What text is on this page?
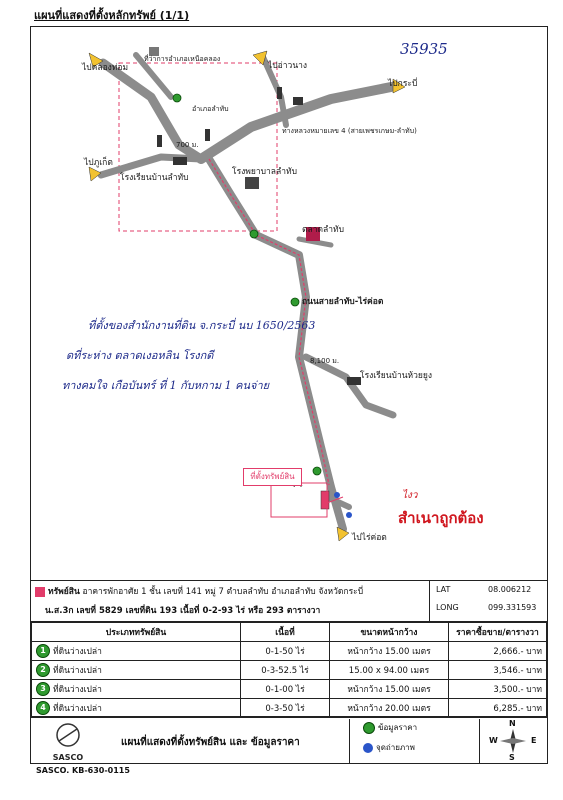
แผนที่แสดงที่ตั้งหลักทรัพย์ (1/1)
35935
ไปคลองท่อม
ที่ว่าการอำเภอเหนือคลอง
ไปอ่าวนาง
ไปกระบี่
ไปภูเก็ต
อำเภอลำทับ
ทางหลวงหมายเลข 4 (สายเพชรเกษม-ลำทับ)
โรงเรียนบ้านลำทับ
โรงพยาบาลลำทับ
700 ม.
ตลาดลำทับ
ถนนสายลำทับ-ไร่ค่อต
8,100 ม.
โรงเรียนบ้านห้วยยูง
ไปไร่ค่อต
ที่ตั้งทรัพย์สิน
ที่ตั้งของสำนักงานที่ดิน จ.กระบี่ นบ 1650/2563
ดที่ระห่าง ตลาดเงอหลิน โรงกดี
ทางคมใจ เกือบันทร์ ที่ 1 กับหกาม 1 คนจ่าย
ไงว
สำเนาถูกต้อง
ทรัพย์สิน อาคารพักอาศัย 1 ชั้น เลขที่ 141 หมู่ 7 ตำบลลำทับ อำเภอลำทับ จังหวัดกระบี่
น.ส.3ก เลขที่ 5829 เลขที่ดิน 193 เนื้อที่ 0-2-93 ไร่ หรือ 293 ตารางวา
LAT	08.006212
LONG	099.331593
ประเภททรัพย์สิน	เนื้อที่	ขนาดหน้ากว้าง	ราคาซื้อขาย/ตารางวา
1 ที่ดินว่างเปล่า	0-1-50 ไร่	หน้ากว้าง 15.00 เมตร	2,666.- บาท
2 ที่ดินว่างเปล่า	0-3-52.5 ไร่	15.00 x 94.00 เมตร	3,546.- บาท
3 ที่ดินว่างเปล่า	0-1-00 ไร่	หน้ากว้าง 15.00 เมตร	3,500.- บาท
4 ที่ดินว่างเปล่า	0-3-50 ไร่	หน้ากว้าง 20.00 เมตร	6,285.- บาท
SASCO
แผนที่แสดงที่ตั้งทรัพย์สิน และ ข้อมูลราคา
ข้อมูลราคา
จุดถ่ายภาพ
N
S
W	E
SASCO. KB-630-0115
